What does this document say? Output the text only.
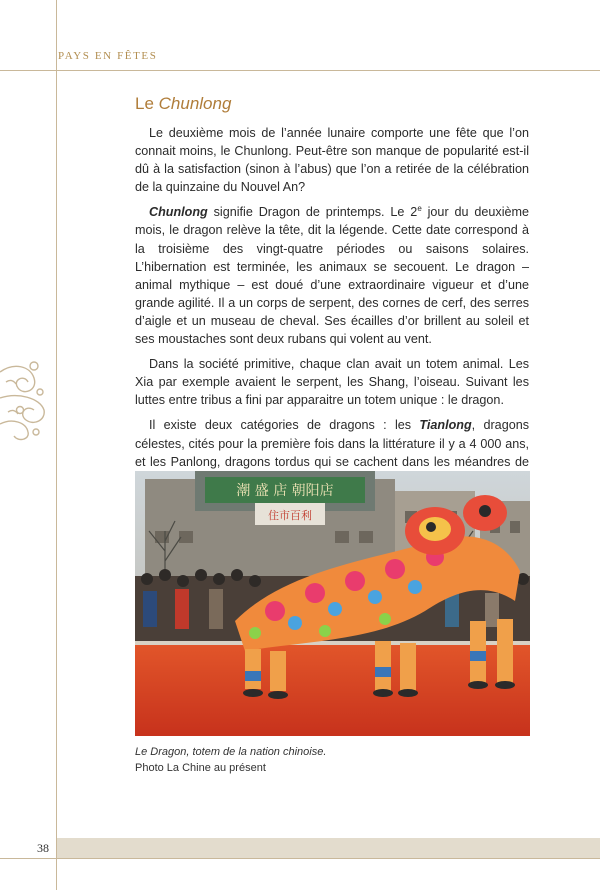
PAYS EN FÊTES
Le Chunlong

Le deuxième mois de l’année lunaire comporte une fête que l’on connait moins, le Chunlong. Peut-être son manque de popularité est-il dû à la satisfaction (sinon à l’abus) que l’on a retirée de la célébration de la quinzaine du Nouvel An?

Chunlong signifie Dragon de printemps. Le 2e jour du deuxième mois, le dragon relève la tête, dit la légende. Cette date correspond à la troisième des vingt-quatre périodes ou saisons solaires. L’hibernation est terminée, les animaux se secouent. Le dragon – animal mythique – est doué d’une extraordinaire vigueur et d’une grande agilité. Il a un corps de serpent, des cornes de cerf, des serres d’aigle et un museau de cheval. Ses écailles d’or brillent au soleil et ses moustaches sont deux rubans qui volent au vent.

Dans la société primitive, chaque clan avait un totem animal. Les Xia par exemple avaient le serpent, les Shang, l’oiseau. Suivant les luttes entre tribus a fini par apparaitre un totem unique : le dragon.

Il existe deux catégories de dragons : les Tianlong, dragons célestes, cités pour la première fois dans la littérature il y a 4 000 ans, et les Panlong, dragons tordus qui se cachent dans les méandres de

潮 盛 店 朝阳店
住市百利
Le Dragon, totem de la nation chinoise.
Photo La Chine au présent
38
